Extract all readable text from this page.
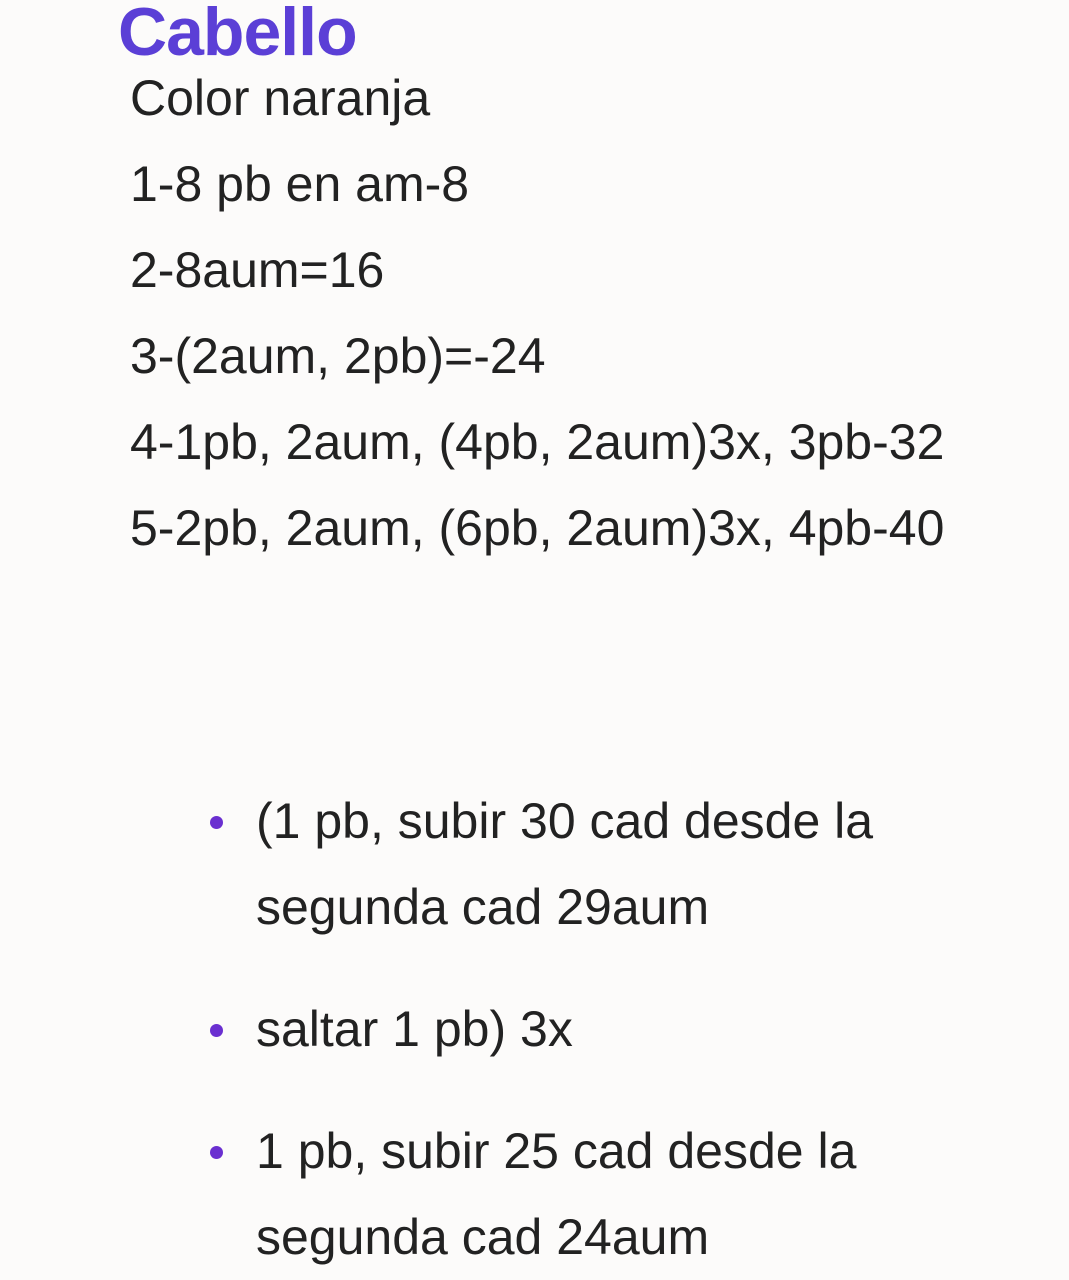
Cabello

Color naranja

1-8 pb en am-8

2-8aum=16

3-(2aum, 2pb)=-24

4-1pb, 2aum, (4pb, 2aum)3x, 3pb-32

5-2pb, 2aum, (6pb, 2aum)3x, 4pb-40

(1 pb, subir 30 cad desde la segunda cad 29aum
saltar 1 pb) 3x
1 pb, subir 25 cad desde la segunda cad 24aum
